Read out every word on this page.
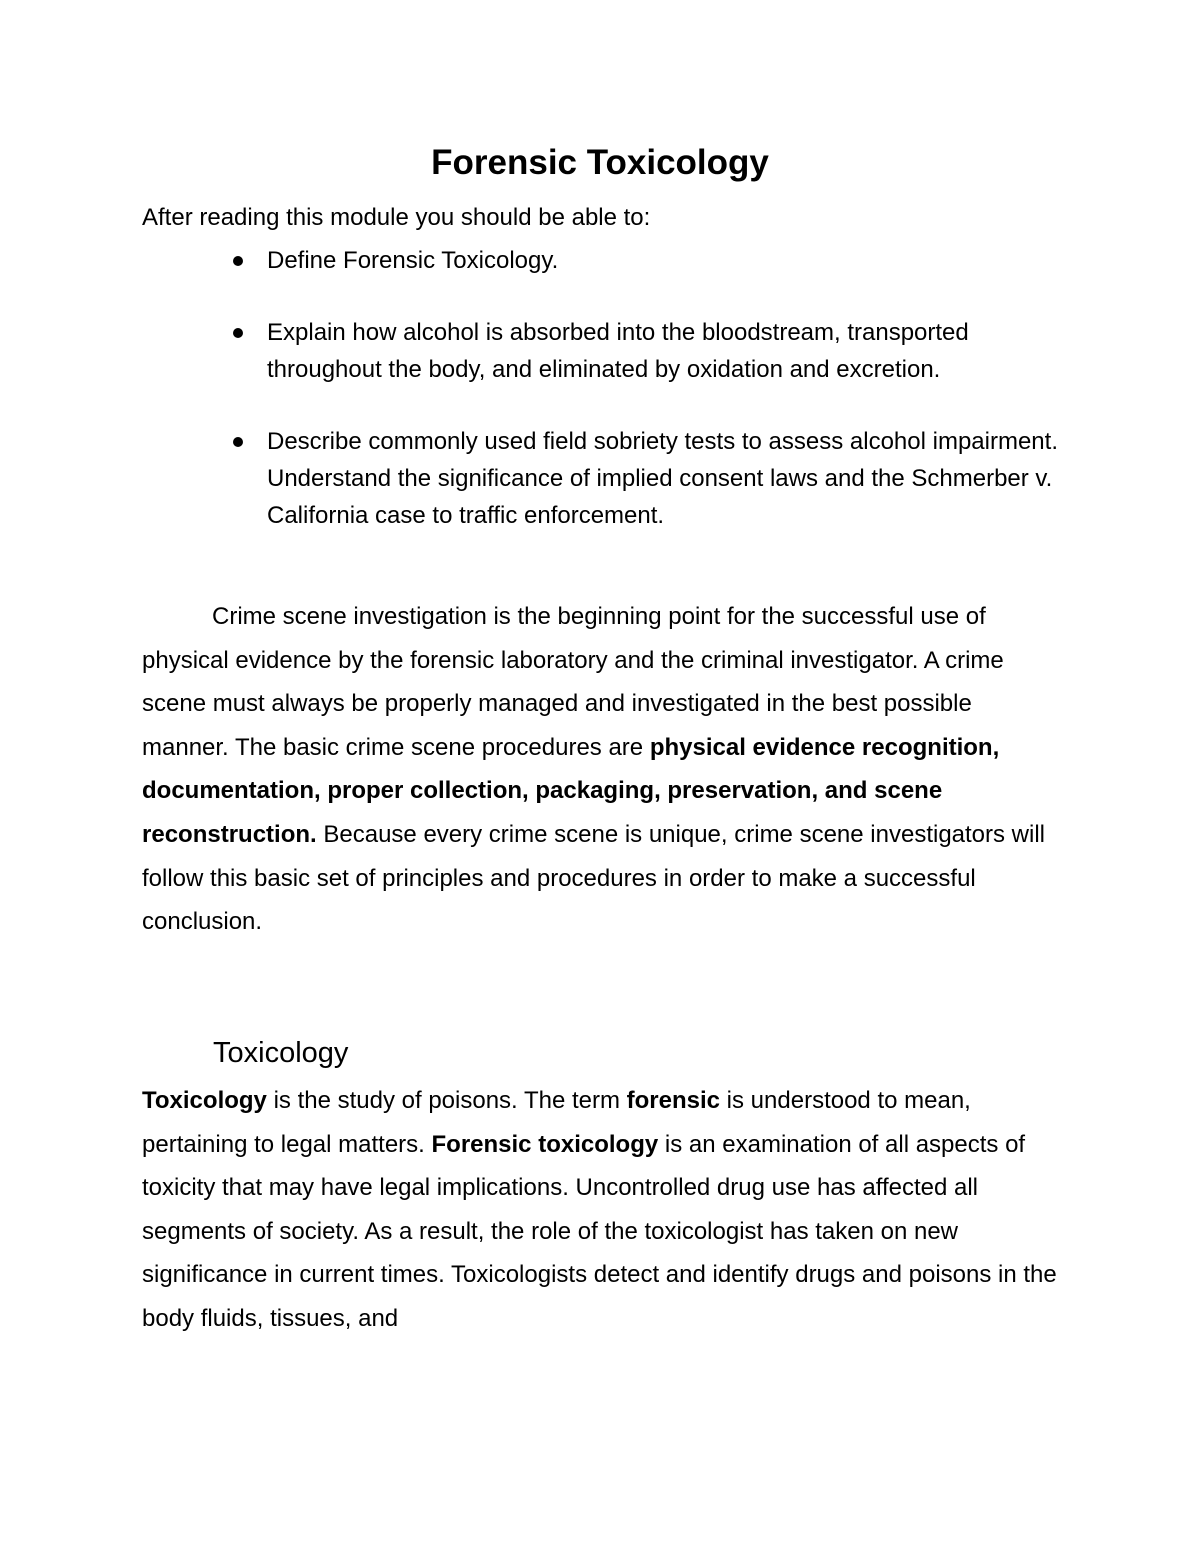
Forensic Toxicology

After reading this module you should be able to:

Define Forensic Toxicology.
Explain how alcohol is absorbed into the bloodstream, transported throughout the body, and eliminated by oxidation and excretion.
Describe commonly used field sobriety tests to assess alcohol impairment. Understand the significance of implied consent laws and the Schmerber v. California case to traffic enforcement.

Crime scene investigation is the beginning point for the successful use of physical evidence by the forensic laboratory and the criminal investigator. A crime scene must always be properly managed and investigated in the best possible manner. The basic crime scene procedures are physical evidence recognition, documentation, proper collection, packaging, preservation, and scene reconstruction. Because every crime scene is unique, crime scene investigators will follow this basic set of principles and procedures in order to make a successful conclusion.

Toxicology

Toxicology is the study of poisons. The term forensic is understood to mean, pertaining to legal matters. Forensic toxicology is an examination of all aspects of toxicity that may have legal implications. Uncontrolled drug use has affected all segments of society. As a result, the role of the toxicologist has taken on new significance in current times. Toxicologists detect and identify drugs and poisons in the body fluids, tissues, and
